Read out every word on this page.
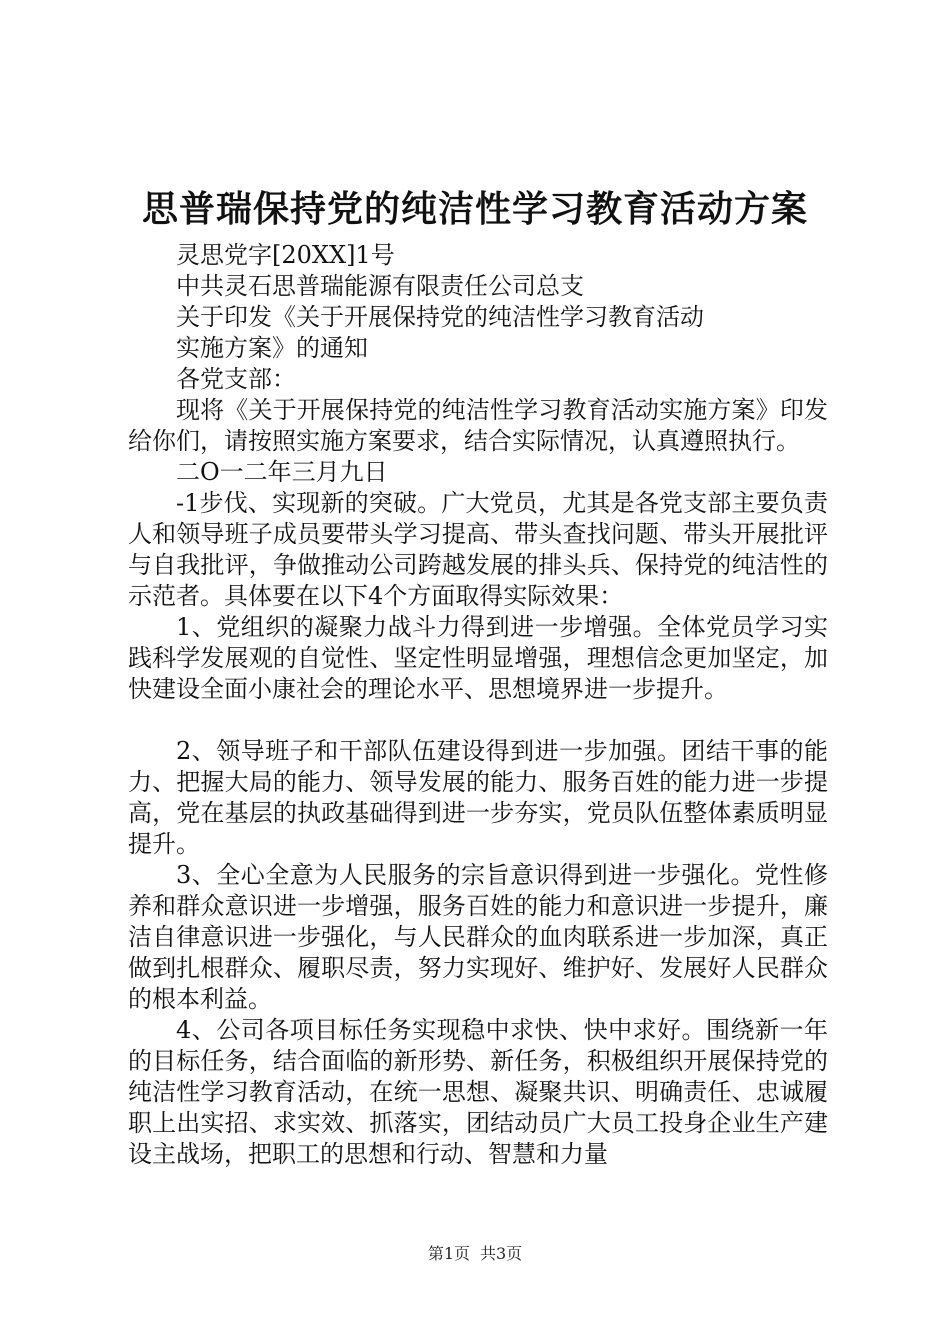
思普瑞保持党的纯洁性学习教育活动方案

灵思党字[20XX]1号

中共灵石思普瑞能源有限责任公司总支

关于印发《关于开展保持党的纯洁性学习教育活动

实施方案》的通知

各党支部：

现将《关于开展保持党的纯洁性学习教育活动实施方案》印发给你们，请按照实施方案要求，结合实际情况，认真遵照执行。

二O一二年三月九日

-1步伐、实现新的突破。广大党员，尤其是各党支部主要负责人和领导班子成员要带头学习提高、带头查找问题、带头开展批评与自我批评，争做推动公司跨越发展的排头兵、保持党的纯洁性的示范者。具体要在以下4个方面取得实际效果：

1、党组织的凝聚力战斗力得到进一步增强。全体党员学习实践科学发展观的自觉性、坚定性明显增强，理想信念更加坚定，加快建设全面小康社会的理论水平、思想境界进一步提升。

2、领导班子和干部队伍建设得到进一步加强。团结干事的能力、把握大局的能力、领导发展的能力、服务百姓的能力进一步提高，党在基层的执政基础得到进一步夯实，党员队伍整体素质明显提升。

3、全心全意为人民服务的宗旨意识得到进一步强化。党性修养和群众意识进一步增强，服务百姓的能力和意识进一步提升，廉洁自律意识进一步强化，与人民群众的血肉联系进一步加深，真正做到扎根群众、履职尽责，努力实现好、维护好、发展好人民群众的根本利益。

4、公司各项目标任务实现稳中求快、快中求好。围绕新一年的目标任务，结合面临的新形势、新任务，积极组织开展保持党的纯洁性学习教育活动，在统一思想、凝聚共识、明确责任、忠诚履职上出实招、求实效、抓落实，团结动员广大员工投身企业生产建设主战场，把职工的思想和行动、智慧和力量

第1页 共3页
